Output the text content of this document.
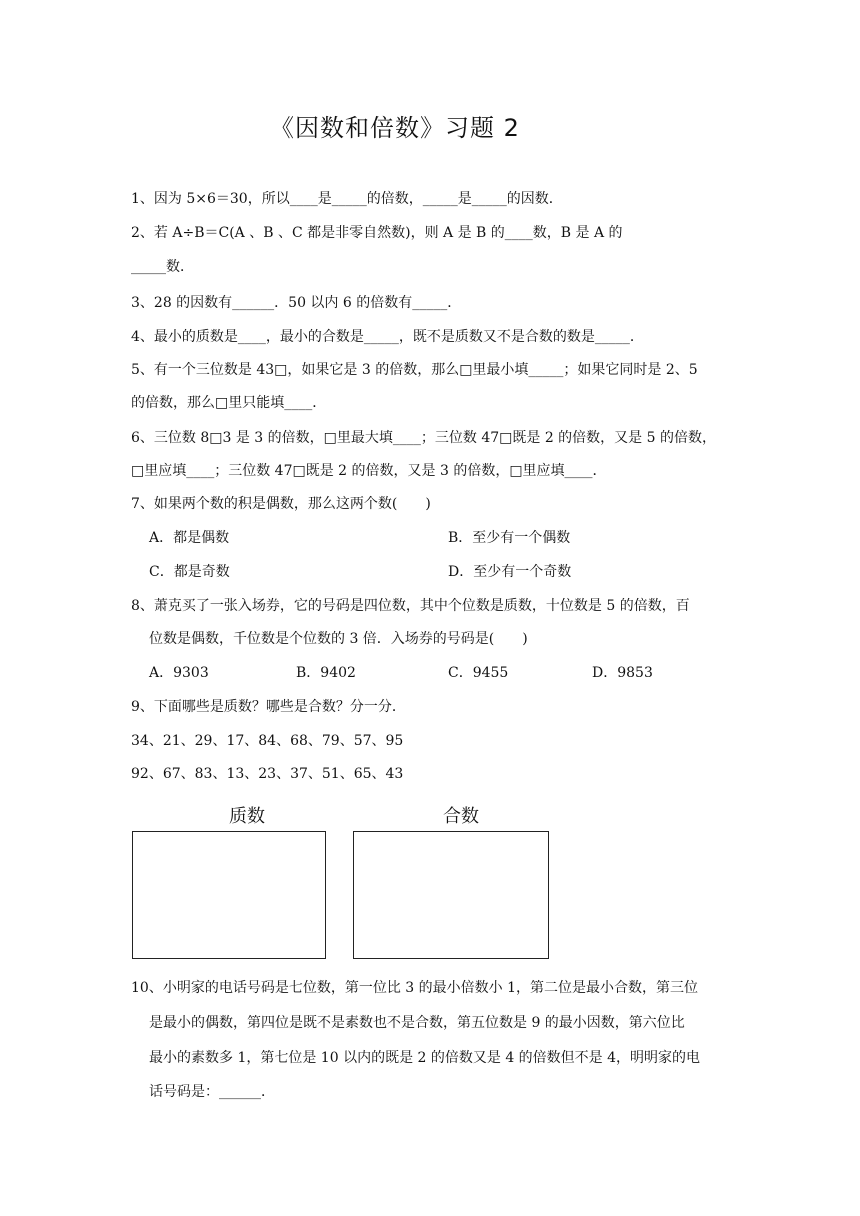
《因数和倍数》习题 2
1、因为 5×6＝30，所以____是_____的倍数，_____是_____的因数．
2、若 A÷B＝C(A 、B 、C 都是非零自然数)，则 A 是 B 的____数，B 是 A 的
_____数．
3、28 的因数有______．50 以内 6 的倍数有_____．
4、最小的质数是____，最小的合数是_____，既不是质数又不是合数的数是_____．
5、有一个三位数是 43□，如果它是 3 的倍数，那么□里最小填_____；如果它同时是 2、5
的倍数，那么□里只能填____．
6、三位数 8□3 是 3 的倍数，□里最大填____；三位数 47□既是 2 的倍数，又是 5 的倍数，
□里应填____；三位数 47□既是 2 的倍数，又是 3 的倍数，□里应填____．
7、如果两个数的积是偶数，那么这两个数(　　)
A．都是偶数	B．至少有一个偶数
C．都是奇数	D．至少有一个奇数
8、萧克买了一张入场券，它的号码是四位数，其中个位数是质数，十位数是 5 的倍数，百
位数是偶数，千位数是个位数的 3 倍．入场券的号码是(　　)
A．9303	B．9402	C．9455	D．9853
9、下面哪些是质数？哪些是合数？分一分．
34、21、29、17、84、68、79、57、95
92、67、83、13、23、37、51、65、43
质数	合数
10、小明家的电话号码是七位数，第一位比 3 的最小倍数小 1，第二位是最小合数，第三位
是最小的偶数，第四位是既不是素数也不是合数，第五位数是 9 的最小因数，第六位比
最小的素数多 1，第七位是 10 以内的既是 2 的倍数又是 4 的倍数但不是 4，明明家的电
话号码是：______．
